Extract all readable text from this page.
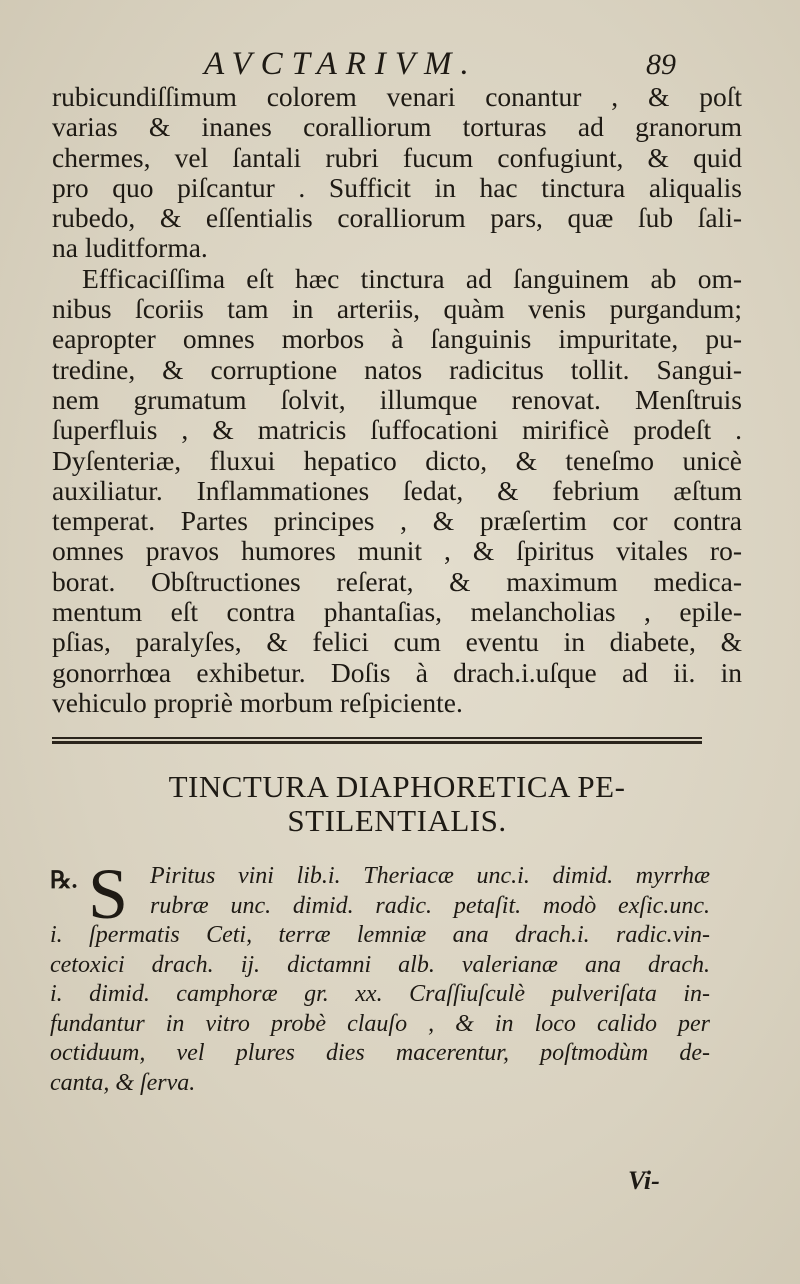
AVCTARIVM.	89
rubicundiſſimum colorem venari conantur , & poſt
varias & inanes coralliorum torturas ad granorum
chermes, vel ſantali rubri fucum confugiunt, & quid
pro quo piſcantur . Sufficit in hac tinctura aliqualis
rubedo, & eſſentialis coralliorum pars, quæ ſub ſali-
na luditforma.
Efficaciſſima eſt hæc tinctura ad ſanguinem ab om-
nibus ſcoriis tam in arteriis, quàm venis purgandum;
eapropter omnes morbos à ſanguinis impuritate, pu-
tredine, & corruptione natos radicitus tollit. Sangui-
nem grumatum ſolvit, illumque renovat. Menſtruis
ſuperfluis , & matricis ſuffocationi mirificè prodeſt .
Dyſenteriæ, fluxui hepatico dicto, & teneſmo unicè
auxiliatur. Inflammationes ſedat, & febrium æſtum
temperat. Partes principes , & præſertim cor contra
omnes pravos humores munit , & ſpiritus vitales ro-
borat. Obſtructiones reſerat, & maximum medica-
mentum eſt contra phantaſias, melancholias , epile-
pſias, paralyſes, & felici cum eventu in diabete, &
gonorrhœa exhibetur. Doſis à drach.i.uſque ad ii. in
vehiculo propriè morbum reſpiciente.
TINCTURA DIAPHORETICA PE-
STILENTIALIS.
℞. S Piritus vini lib.i. Theriacæ unc.i. dimid. myrrhæ
rubræ unc. dimid. radic. petaſit. modò exſic.unc.
i. ſpermatis Ceti, terræ lemniæ ana drach.i. radic.vin-
cetoxici drach. ij. dictamni alb. valerianæ ana drach.
i. dimid. camphoræ gr. xx. Craſſiuſculè pulveriſata in-
fundantur in vitro probè clauſo , & in loco calido per
octiduum, vel plures dies macerentur, poſtmodùm de-
canta, & ſerva.
Vi-
